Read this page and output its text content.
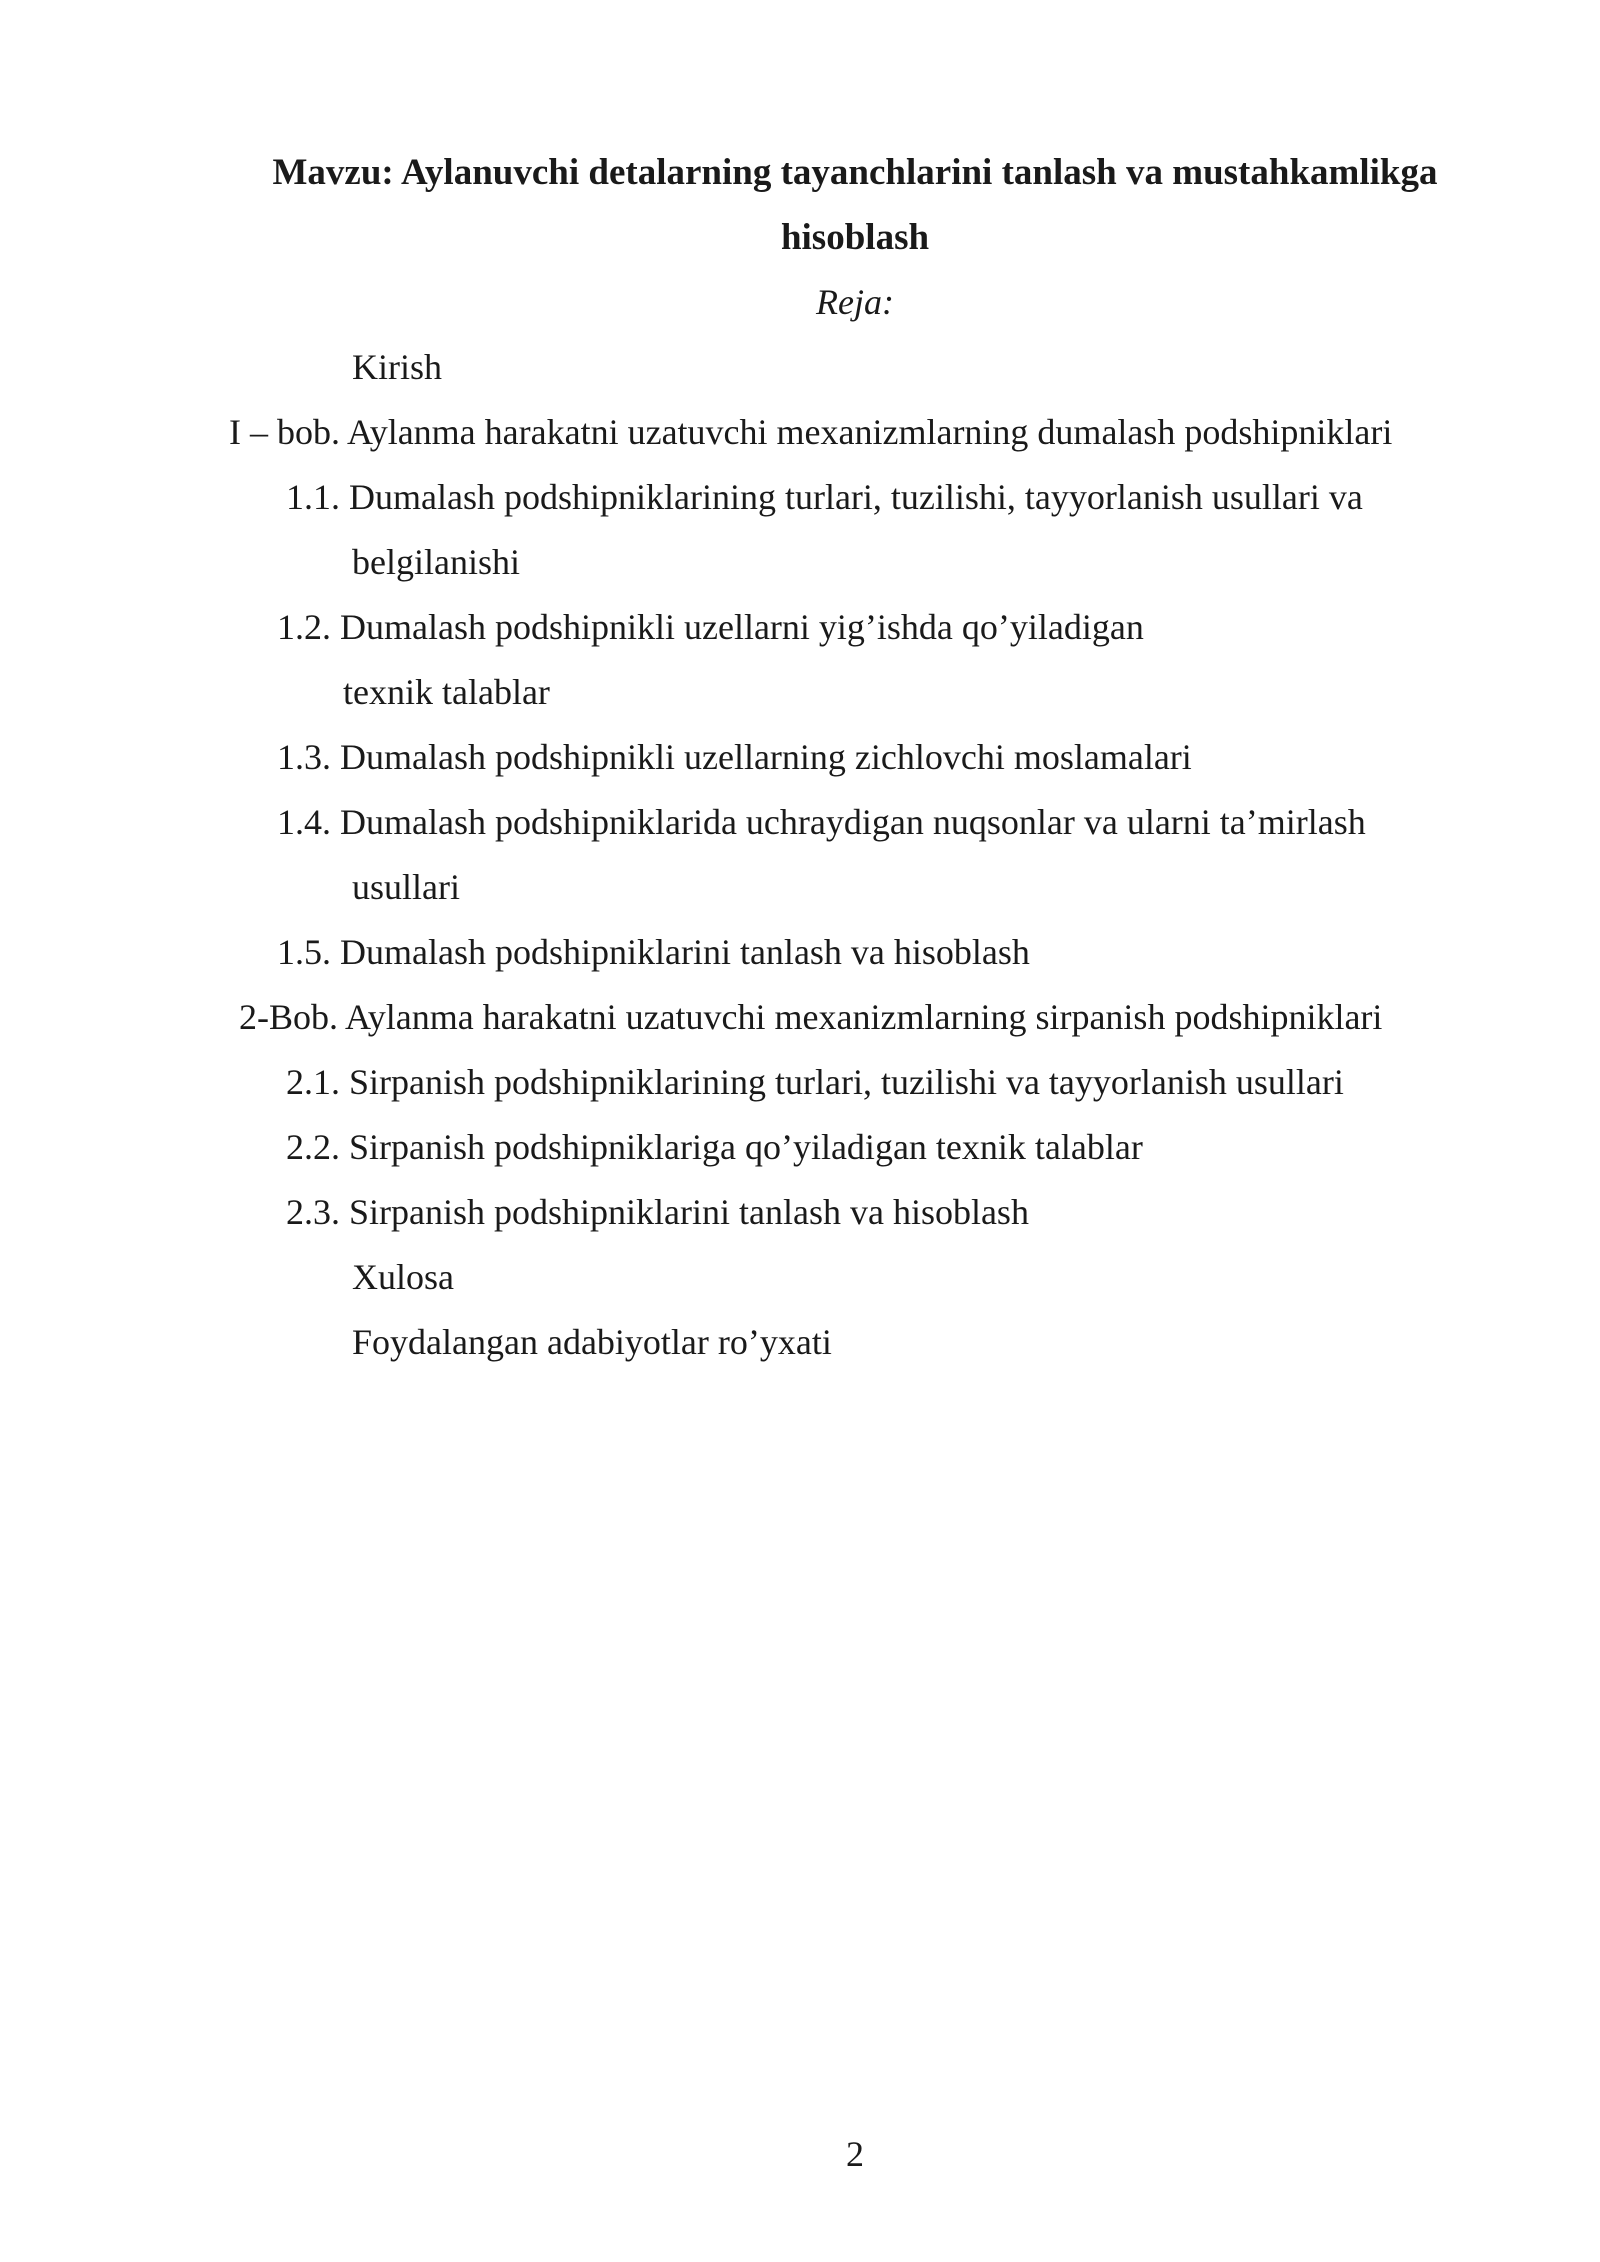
Mavzu: Aylanuvchi detalarning tayanchlarini tanlash va mustahkamlikga

hisoblash

Reja:

Kirish

I – bob. Aylanma harakatni uzatuvchi mexanizmlarning dumalash podshipniklari

1.1. Dumalash podshipniklarining turlari, tuzilishi, tayyorlanish usullari va

belgilanishi

1.2. Dumalash podshipnikli uzellarni yig’ishda qo’yiladigan

texnik talablar

1.3. Dumalash podshipnikli uzellarning zichlovchi moslamalari

1.4. Dumalash podshipniklarida uchraydigan nuqsonlar va ularni ta’mirlash

usullari

1.5. Dumalash podshipniklarini tanlash va hisoblash

2-Bob. Aylanma harakatni uzatuvchi mexanizmlarning sirpanish podshipniklari

2.1. Sirpanish podshipniklarining turlari, tuzilishi va tayyorlanish usullari

2.2. Sirpanish podshipniklariga qo’yiladigan texnik talablar

2.3. Sirpanish podshipniklarini tanlash va hisoblash

Xulosa

Foydalangan adabiyotlar ro’yxati

2
